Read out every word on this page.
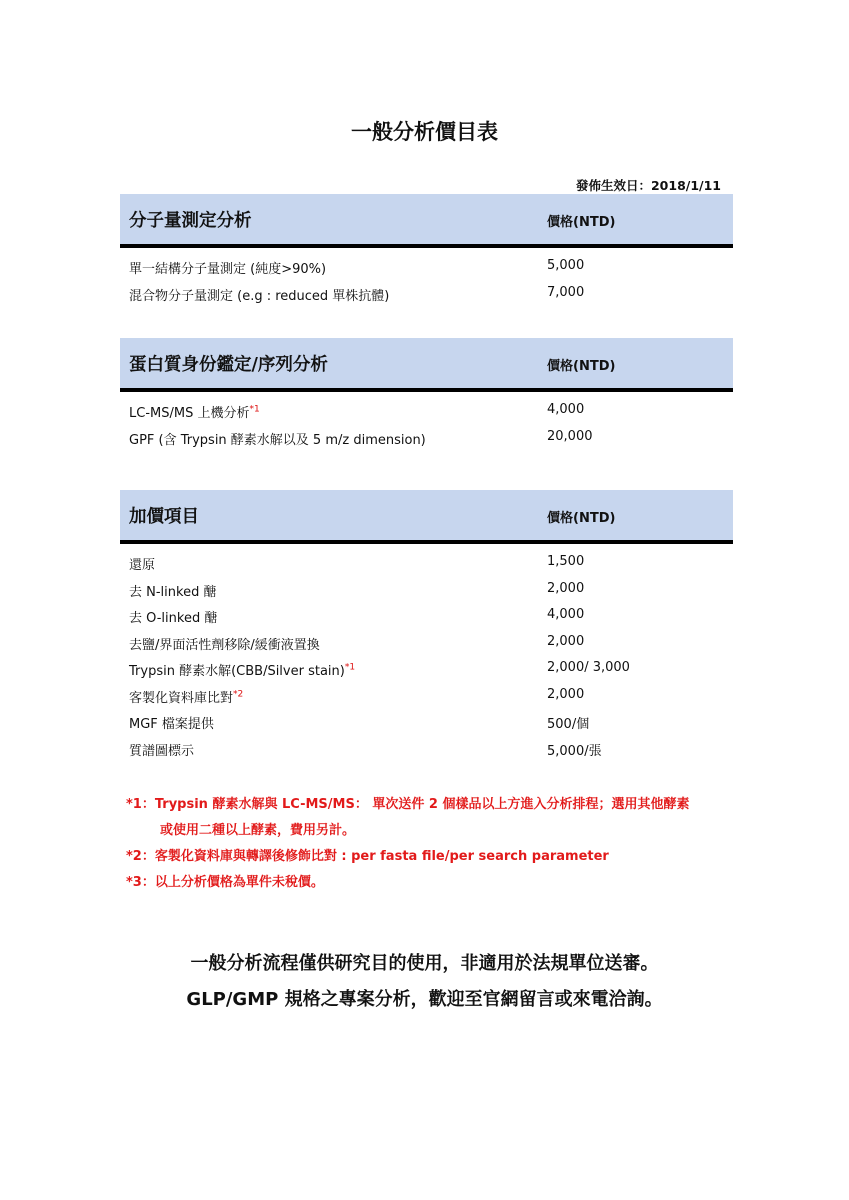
一般分析價目表
發佈生效日：2018/1/11
分子量測定分析	價格(NTD)
單一結構分子量測定 (純度>90%)	5,000
混合物分子量測定 (e.g : reduced 單株抗體)	7,000
蛋白質身份鑑定/序列分析	價格(NTD)
LC-MS/MS 上機分析$^{*1}$	4,000
GPF (含 Trypsin 酵素水解以及 5 m/z dimension)	20,000
加價項目	價格(NTD)
還原	1,500
去 N-linked 醣	2,000
去 O-linked 醣	4,000
去鹽/界面活性劑移除/緩衝液置換	2,000
Trypsin 酵素水解(CBB/Silver stain)$^{*1}$	2,000/ 3,000
客製化資料庫比對$^{*2}$	2,000
MGF 檔案提供	500/個
質譜圖標示	5,000/張
*1：Trypsin 酵素水解與 LC-MS/MS： 單次送件 2 個樣品以上方進入分析排程；選用其他酵素
或使用二種以上酵素，費用另計。
*2：客製化資料庫與轉譯後修飾比對 : per fasta file/per search parameter
*3：以上分析價格為單件未稅價。
一般分析流程僅供研究目的使用，非適用於法規單位送審。
GLP/GMP 規格之專案分析，歡迎至官網留言或來電洽詢。
